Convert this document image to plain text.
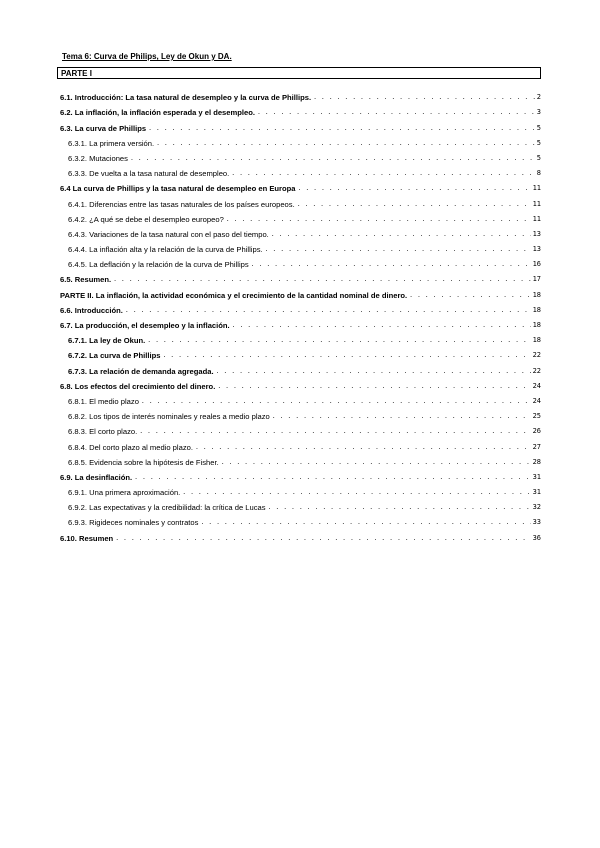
Tema 6: Curva de Philips, Ley de Okun y DA.
PARTE I
6.1. Introducción: La tasa natural de desempleo y la curva de Phillips. . . .	2
6.2. La inflación, la inflación esperada y el desempleo. . . .	3
6.3. La curva de Phillips . . .	5
6.3.1. La primera versión. . . .	5
6.3.2. Mutaciones . . .	5
6.3.3. De vuelta a la tasa natural de desempleo. . . .	8
6.4 La curva de Phillips y la tasa natural de desempleo en Europa . . .	11
6.4.1. Diferencias entre las tasas naturales de los países europeos. . . .	11
6.4.2. ¿A qué se debe el desempleo europeo? . . .	11
6.4.3. Variaciones de la tasa natural con el paso del tiempo. . . .	13
6.4.4. La inflación alta y la relación de la curva de Phillips. . . .	13
6.4.5. La deflación y la relación de la curva de Phillips . . .	16
6.5. Resumen. . . .	17
PARTE II. La inflación, la actividad económica y el crecimiento de la cantidad nominal de dinero. . . .	18
6.6. Introducción. . . .	18
6.7. La producción, el desempleo y la inflación. . . .	18
6.7.1. La ley de Okun. . . .	18
6.7.2. La curva de Phillips . . .	22
6.7.3. La relación de demanda agregada. . . .	22
6.8. Los efectos del crecimiento del dinero. . . .	24
6.8.1. El medio plazo . . .	24
6.8.2. Los tipos de interés nominales y reales a medio plazo . . .	25
6.8.3. El corto plazo. . . .	26
6.8.4. Del corto plazo al medio plazo. . . .	27
6.8.5. Evidencia sobre la hipótesis de Fisher. . . .	28
6.9. La desinflación. . . .	31
6.9.1. Una primera aproximación. . . .	31
6.9.2. Las expectativas y la credibilidad: la crítica de Lucas . . .	32
6.9.3. Rigideces nominales y contratos . . .	33
6.10. Resumen . . .	36
